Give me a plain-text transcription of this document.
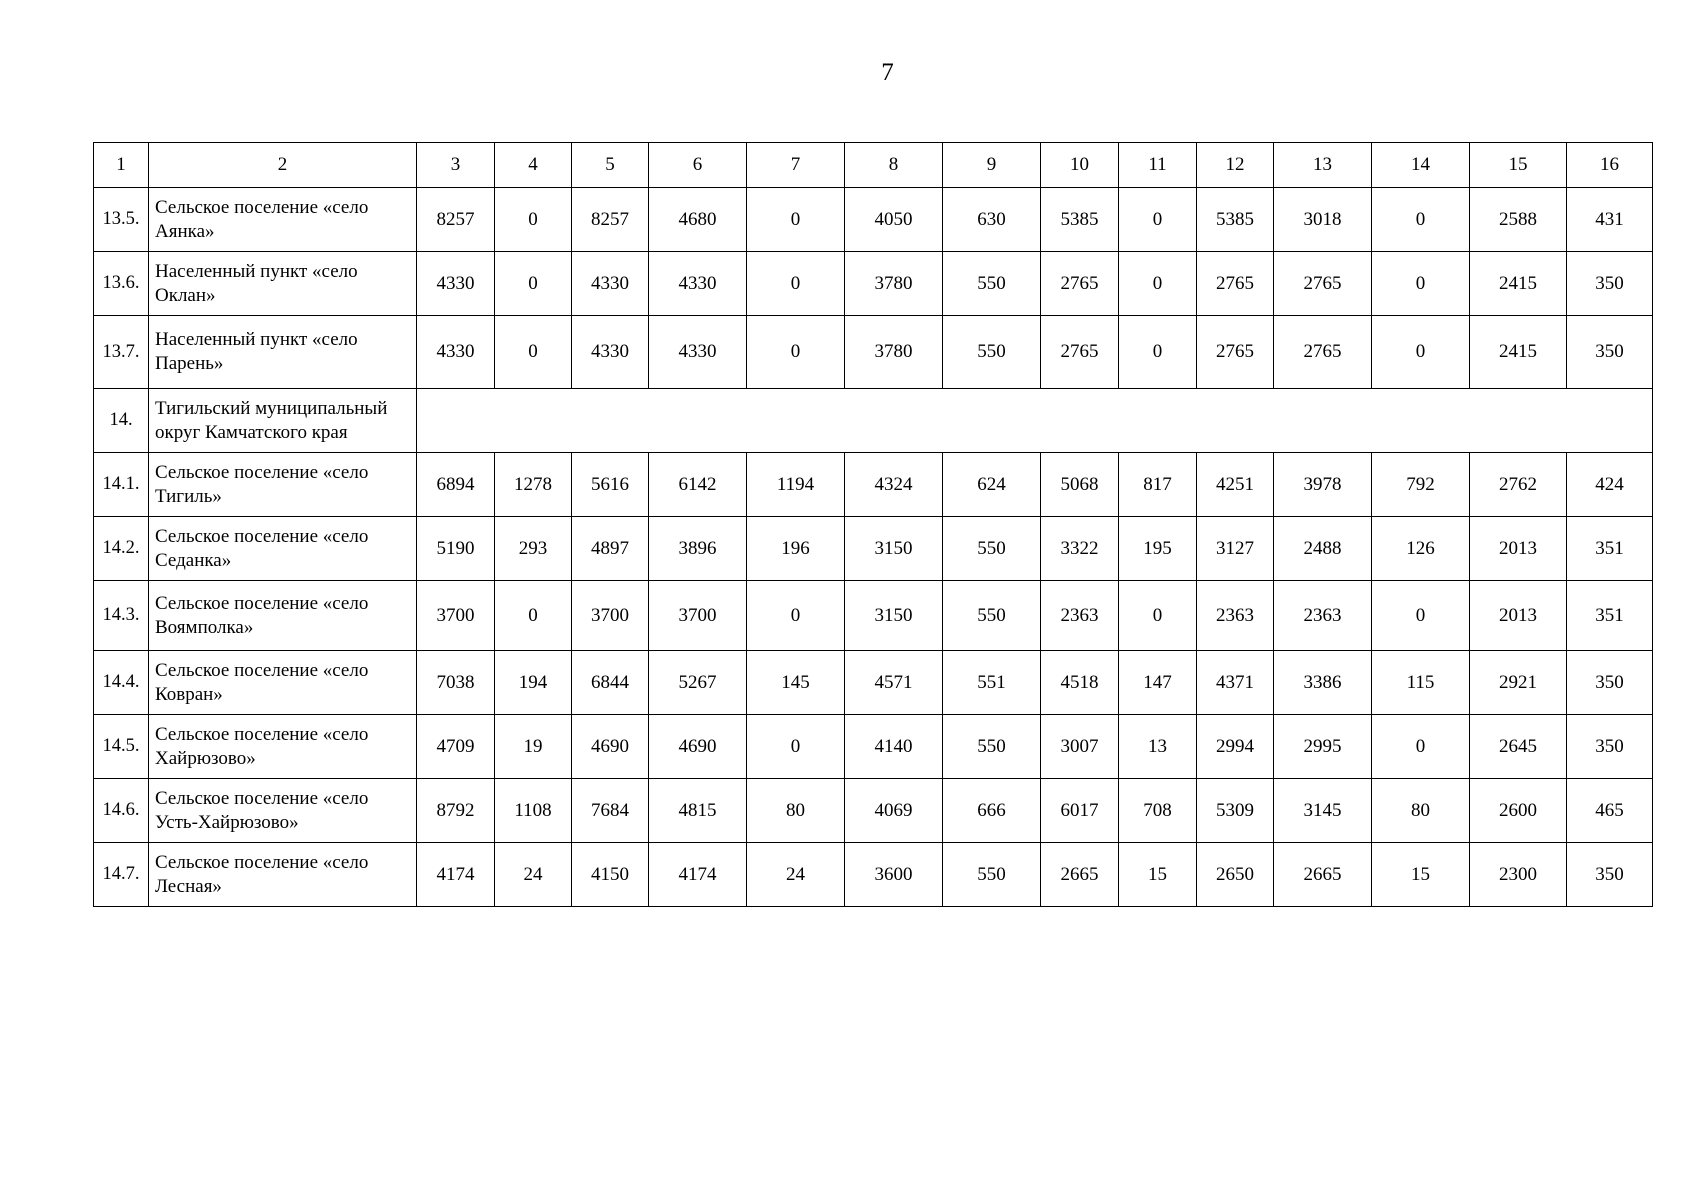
7
1	2	3	4	5	6	7	8	9	10	11	12	13	14	15	16
13.5.	Сельское поселение «село Аянка»	8257	0	8257	4680	0	4050	630	5385	0	5385	3018	0	2588	431
13.6.	Населенный пункт «село Оклан»	4330	0	4330	4330	0	3780	550	2765	0	2765	2765	0	2415	350
13.7.	Населенный пункт «село Парень»	4330	0	4330	4330	0	3780	550	2765	0	2765	2765	0	2415	350
14.	Тигильский муниципальный округ Камчатского края														
14.1.	Сельское поселение «село Тигиль»	6894	1278	5616	6142	1194	4324	624	5068	817	4251	3978	792	2762	424
14.2.	Сельское поселение «село Седанка»	5190	293	4897	3896	196	3150	550	3322	195	3127	2488	126	2013	351
14.3.	Сельское поселение «село Воямполка»	3700	0	3700	3700	0	3150	550	2363	0	2363	2363	0	2013	351
14.4.	Сельское поселение «село Ковран»	7038	194	6844	5267	145	4571	551	4518	147	4371	3386	115	2921	350
14.5.	Сельское поселение «село Хайрюзово»	4709	19	4690	4690	0	4140	550	3007	13	2994	2995	0	2645	350
14.6.	Сельское поселение «село Усть-Хайрюзово»	8792	1108	7684	4815	80	4069	666	6017	708	5309	3145	80	2600	465
14.7.	Сельское поселение «село Лесная»	4174	24	4150	4174	24	3600	550	2665	15	2650	2665	15	2300	350
